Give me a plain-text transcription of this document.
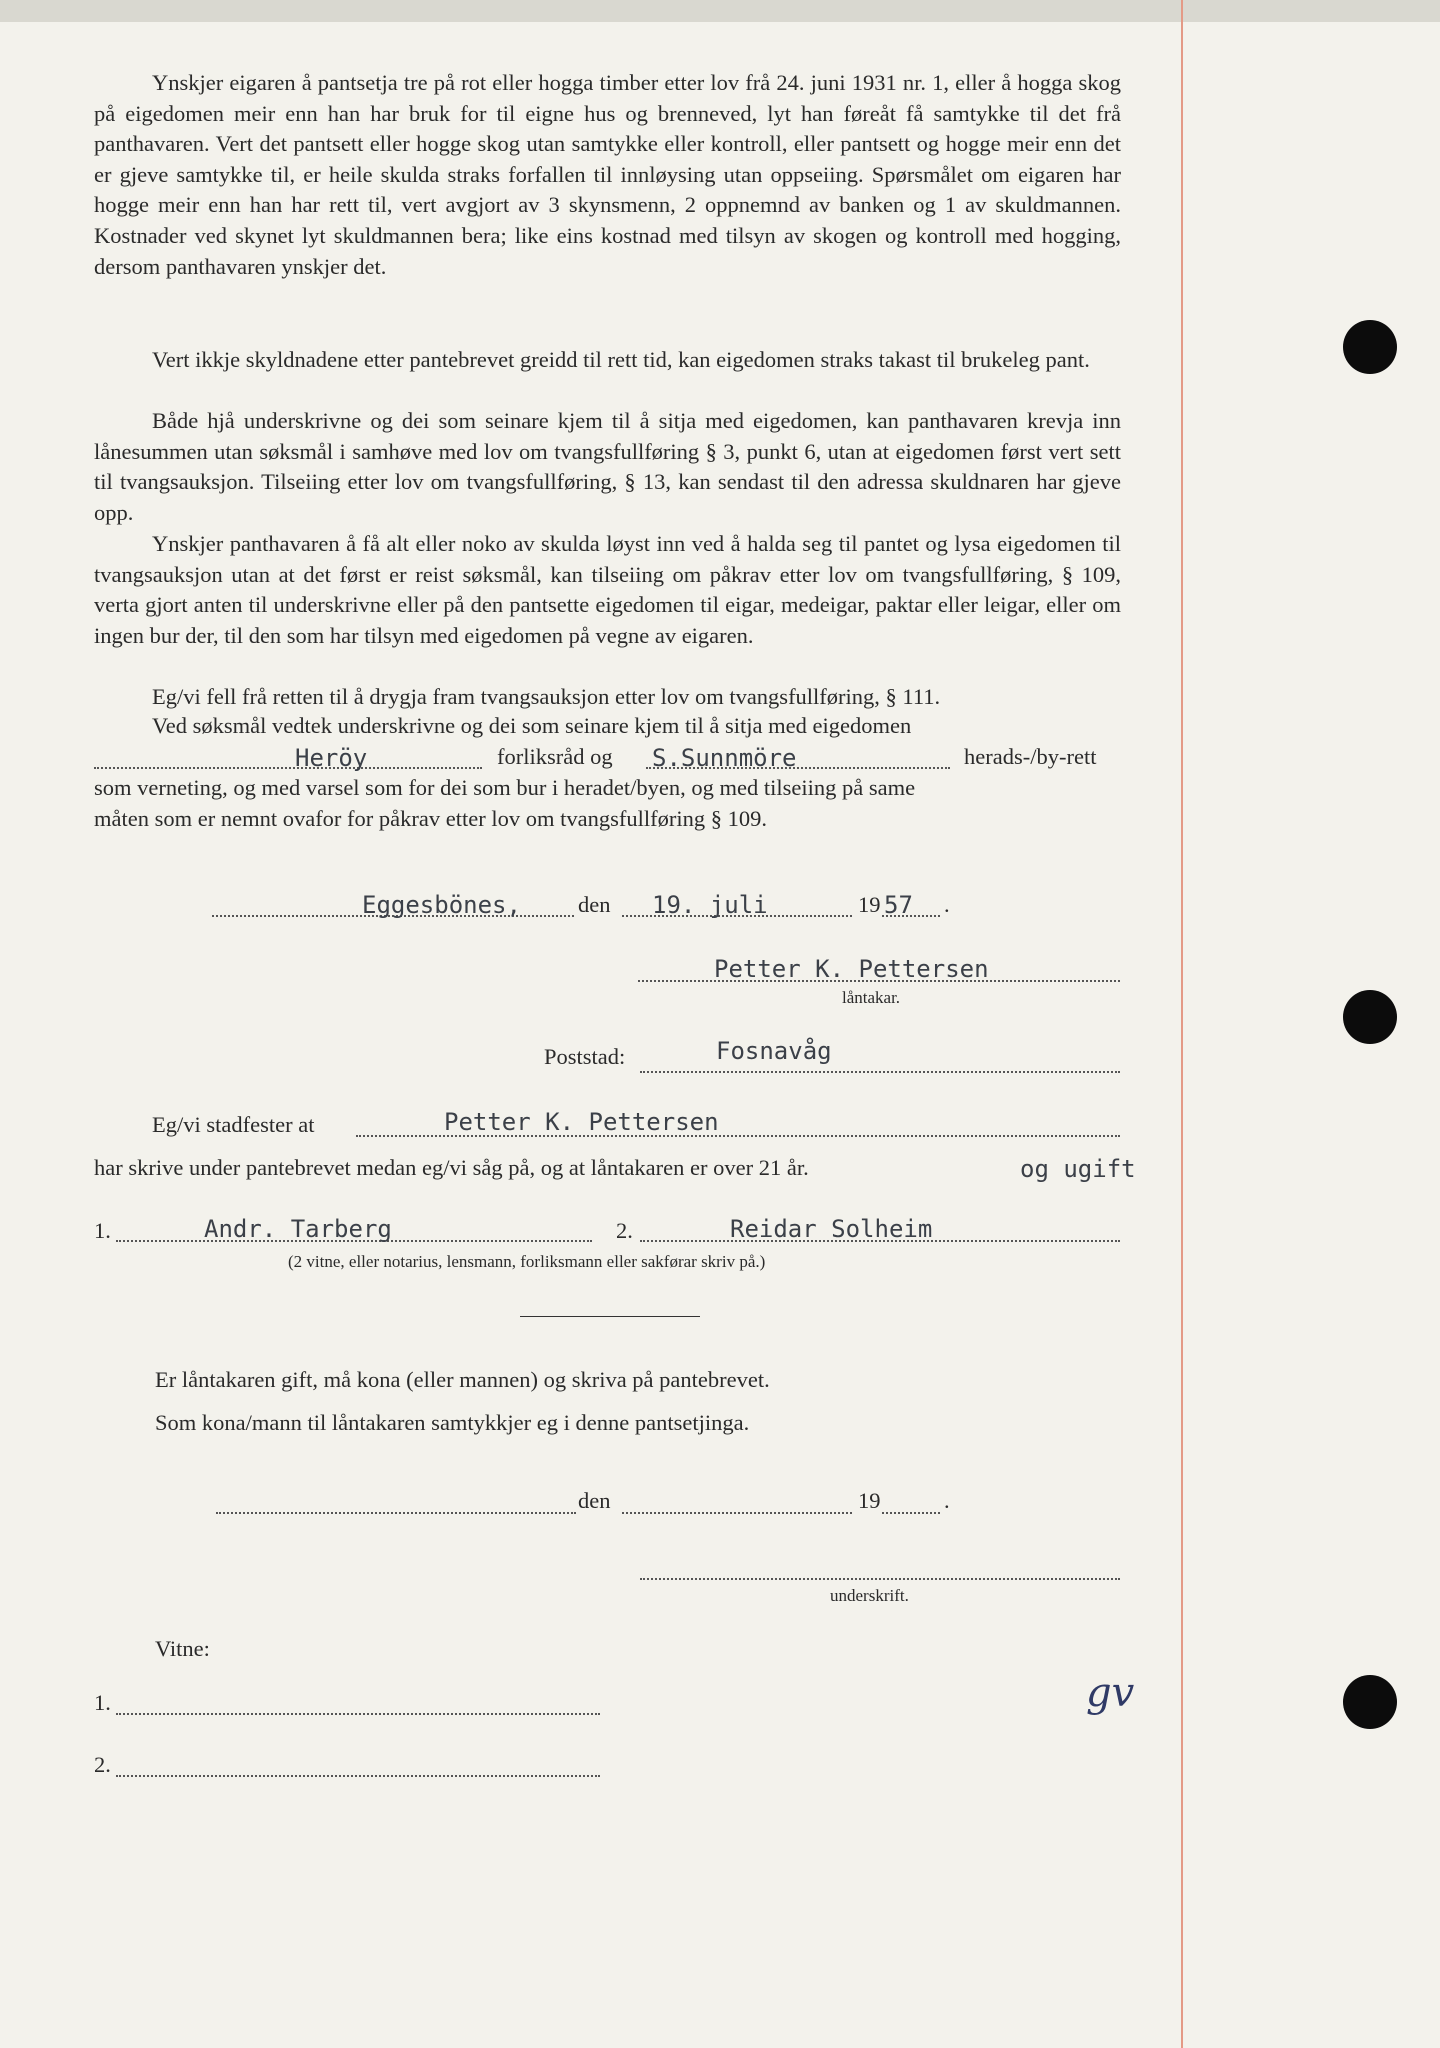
Ynskjer eigaren å pantsetja tre på rot eller hogga timber etter lov frå 24. juni 1931 nr. 1, eller å hogga skog på eigedomen meir enn han har bruk for til eigne hus og brenneved, lyt han føreåt få samtykke til det frå panthavaren. Vert det pantsett eller hogge skog utan samtykke eller kontroll, eller pantsett og hogge meir enn det er gjeve samtykke til, er heile skulda straks forfallen til innløysing utan oppseiing. Spørsmålet om eigaren har hogge meir enn han har rett til, vert avgjort av 3 skynsmenn, 2 oppnemnd av banken og 1 av skuldmannen. Kostnader ved skynet lyt skuldmannen bera; like eins kostnad med tilsyn av skogen og kontroll med hogging, dersom panthavaren ynskjer det.

Vert ikkje skyldnadene etter pantebrevet greidd til rett tid, kan eigedomen straks takast til brukeleg pant.

Både hjå underskrivne og dei som seinare kjem til å sitja med eigedomen, kan panthavaren krevja inn lånesummen utan søksmål i samhøve med lov om tvangsfullføring § 3, punkt 6, utan at eigedomen først vert sett til tvangsauksjon. Tilseiing etter lov om tvangsfullføring, § 13, kan sendast til den adressa skuldnaren har gjeve opp.

Ynskjer panthavaren å få alt eller noko av skulda løyst inn ved å halda seg til pantet og lysa eigedomen til tvangsauksjon utan at det først er reist søksmål, kan tilseiing om påkrav etter lov om tvangsfullføring, § 109, verta gjort anten til underskrivne eller på den pantsette eigedomen til eigar, medeigar, paktar eller leigar, eller om ingen bur der, til den som har tilsyn med eigedomen på vegne av eigaren.

Eg/vi fell frå retten til å drygja fram tvangsauksjon etter lov om tvangsfullføring, § 111.

Ved søksmål vedtek underskrivne og dei som seinare kjem til å sitja med eigedomen
Heröy	forliksråd og S.Sunnmöre	herads-/by-rett
som verneting, og med varsel som for dei som bur i heradet/byen, og med tilseiing på same
måten som er nemnt ovafor for påkrav etter lov om tvangsfullføring § 109.
Eggesbönes,	den 19. juli	19 57 .
Petter K. Pettersen
låntakar.
Poststad:	Fosnavåg
Eg/vi stadfester at	Petter K. Pettersen
har skrive under pantebrevet medan eg/vi såg på, og at låntakaren er over 21 år.	og ugift
1.	Andr. Tarberg	2.	Reidar Solheim
(2 vitne, eller notarius, lensmann, forliksmann eller sakførar skriv på.)
Er låntakaren gift, må kona (eller mannen) og skriva på pantebrevet.
Som kona/mann til låntakaren samtykkjer eg i denne pantsetjinga.
den	19	.
underskrift.
Vitne:
1.
2.
gv
